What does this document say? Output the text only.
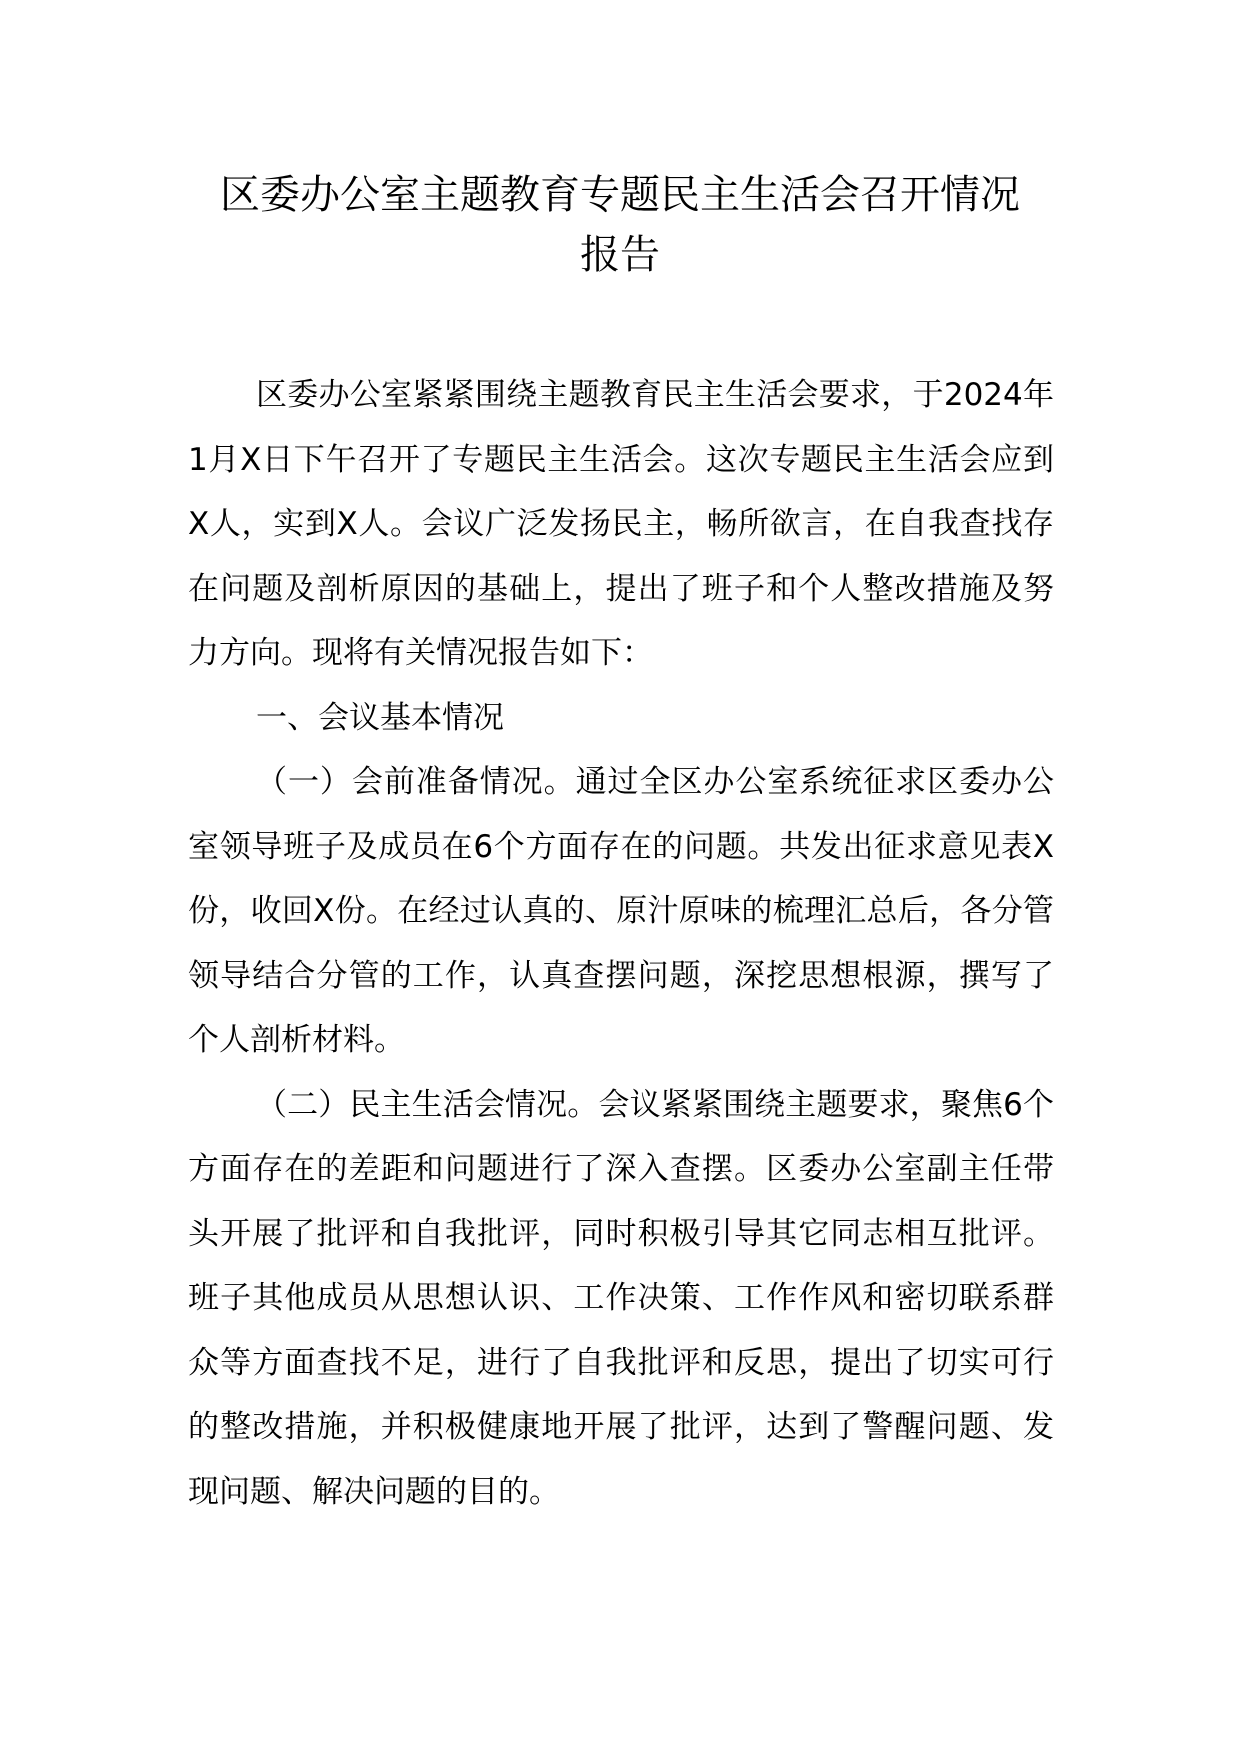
区委办公室主题教育专题民主生活会召开情况
报告

区委办公室紧紧围绕主题教育民主生活会要求，于2024年1月X日下午召开了专题民主生活会。这次专题民主生活会应到X人，实到X人。会议广泛发扬民主，畅所欲言，在自我查找存在问题及剖析原因的基础上，提出了班子和个人整改措施及努力方向。现将有关情况报告如下：

一、会议基本情况

（一）会前准备情况。通过全区办公室系统征求区委办公室领导班子及成员在6个方面存在的问题。共发出征求意见表X份，收回X份。在经过认真的、原汁原味的梳理汇总后，各分管领导结合分管的工作，认真查摆问题，深挖思想根源，撰写了个人剖析材料。

（二）民主生活会情况。会议紧紧围绕主题要求，聚焦6个方面存在的差距和问题进行了深入查摆。区委办公室副主任带头开展了批评和自我批评，同时积极引导其它同志相互批评。班子其他成员从思想认识、工作决策、工作作风和密切联系群众等方面查找不足，进行了自我批评和反思，提出了切实可行的整改措施，并积极健康地开展了批评，达到了警醒问题、发现问题、解决问题的目的。
